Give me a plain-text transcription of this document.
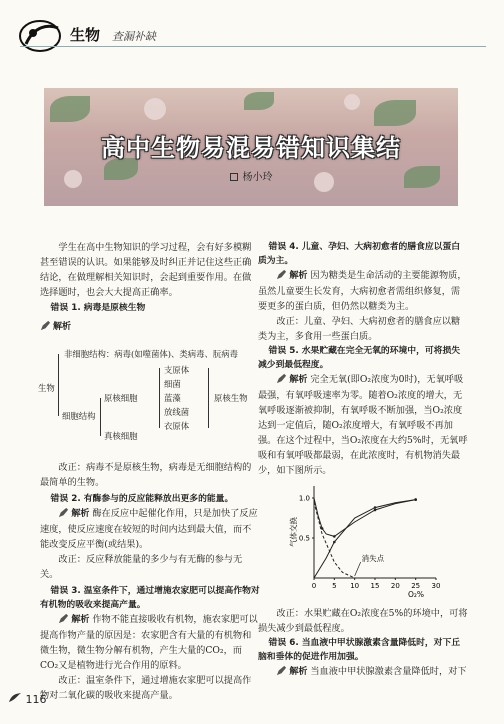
生物 查漏补缺
高中生物易混易错知识集结
杨小玲

学生在高中生物知识的学习过程，会有好多模糊甚至错误的认识。如果能够及时纠正并记住这些正确结论，在做理解相关知识时，会起到重要作用。在做选择题时，也会大大提高正确率。

错误 1. 病毒是原核生物
解析
非细胞结构：病毒(如噬菌体)、类病毒、朊病毒
生物
细胞结构
原核细胞
真核细胞
支原体
细菌
蓝藻
放线菌
衣原体
原核生物

改正：病毒不是原核生物，病毒是无细胞结构的最简单的生物。

错误 2. 有酶参与的反应能释放出更多的能量。

解析 酶在反应中起催化作用，只是加快了反应速度，使反应速度在较短的时间内达到最大值，而不能改变反应平衡(或结果)。

改正：反应释放能量的多少与有无酶的参与无关。

错误 3. 温室条件下，通过增施农家肥可以提高作物对有机物的吸收来提高产量。

解析 作物不能直接吸收有机物，施农家肥可以提高作物产量的原因是：农家肥含有大量的有机物和微生物，微生物分解有机物，产生大量的CO₂，而CO₂又是植物进行光合作用的原料。

改正：温室条件下，通过增施农家肥可以提高作物对二氧化碳的吸收来提高产量。

错误 4. 儿童、孕妇、大病初愈者的膳食应以蛋白质为主。

解析 因为糖类是生命活动的主要能源物质，虽然儿童要生长发育，大病初愈者需组织修复，需要更多的蛋白质，但仍然以糖类为主。

改正：儿童、孕妇、大病初愈者的膳食应以糖类为主，多食用一些蛋白质。

错误 5. 水果贮藏在完全无氧的环境中，可将损失减少到最低程度。

解析 完全无氧(即O₂浓度为0时)，无氧呼吸最强，有氧呼吸速率为零。随着O₂浓度的增大，无氧呼吸逐渐被抑制，有氧呼吸不断加强，当O₂浓度达到一定值后，随O₂浓度增大，有氧呼吸不再加强。在这个过程中，当O₂浓度在大约5%时，无氧呼吸和有氧呼吸都最弱，在此浓度时，有机物消失最少，如下图所示。

0 5 10 15 20 25 30
0.5
1.0
O₂%
气体交换
消失点

改正：水果贮藏在O₂浓度在5%的环境中，可将损失减少到最低程度。

错误 6. 当血液中甲状腺激素含量降低时，对下丘脑和垂体的促进作用加强。

解析 当血液中甲状腺激素含量降低时，对下

116
